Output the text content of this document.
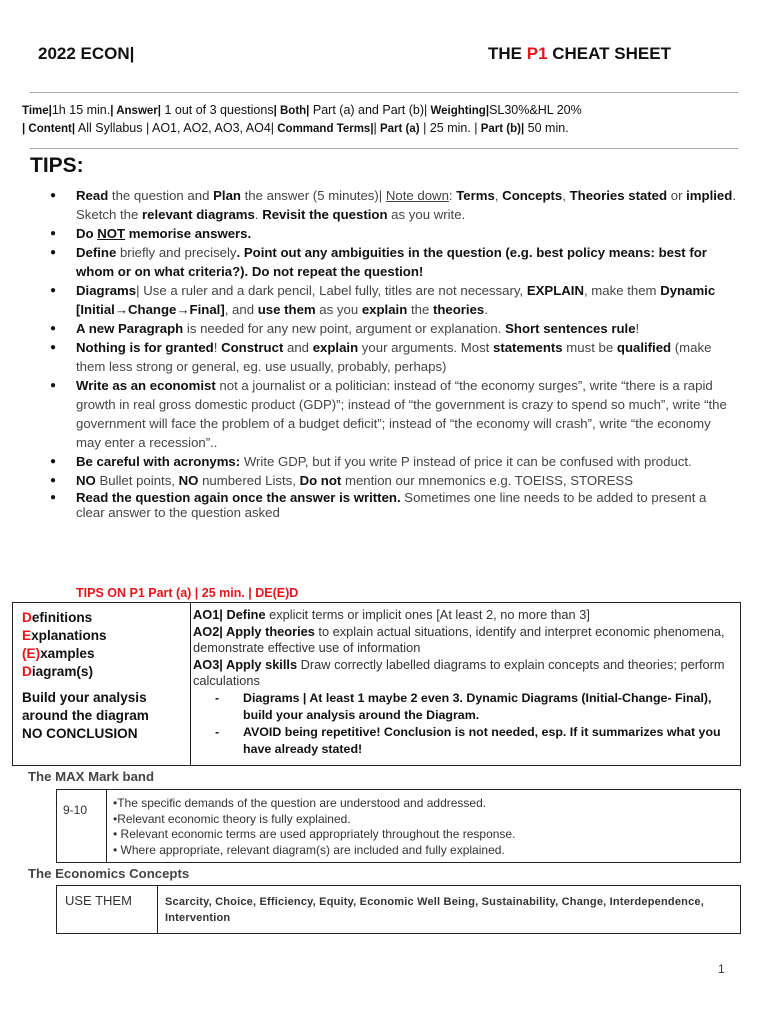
2022 ECON|	THE P1 CHEAT SHEET
Time|1h 15 min.| Answer| 1 out of 3 questions| Both| Part (a) and Part (b)| Weighting|SL30%&HL 20%
| Content| All Syllabus | AO1, AO2, AO3, AO4| Command Terms|| Part (a) | 25 min. | Part (b)| 50 min.
TIPS:
● Read the question and Plan the answer (5 minutes)| Note down: Terms, Concepts, Theories stated or implied. Sketch the relevant diagrams. Revisit the question as you write.
● Do NOT memorise answers.
● Define briefly and precisely. Point out any ambiguities in the question (e.g. best policy means: best for whom or on what criteria?). Do not repeat the question!
● Diagrams| Use a ruler and a dark pencil, Label fully, titles are not necessary, EXPLAIN, make them Dynamic [Initial→Change→Final], and use them as you explain the theories.
● A new Paragraph is needed for any new point, argument or explanation. Short sentences rule!
● Nothing is for granted! Construct and explain your arguments. Most statements must be qualified (make them less strong or general, eg. use usually, probably, perhaps)
● Write as an economist not a journalist or a politician: instead of “the economy surges”, write “there is a rapid growth in real gross domestic product (GDP)”; instead of “the government is crazy to spend so much”, write “the government will face the problem of a budget deficit”; instead of “the economy will crash”, write “the economy may enter a recession”..
● Be careful with acronyms: Write GDP, but if you write P instead of price it can be confused with product.
● NO Bullet points, NO numbered Lists, Do not mention our mnemonics e.g. TOEISS, STORESS
● Read the question again once the answer is written. Sometimes one line needs to be added to present a clear answer to the question asked
TIPS ON P1 Part (a) | 25 min. | DE(E)D
Definitions
Explanations
(E)xamples
Diagram(s)
Build your analysis around the diagram
NO CONCLUSION
AO1| Define explicit terms or implicit ones [At least 2, no more than 3]
AO2| Apply theories to explain actual situations, identify and interpret economic phenomena, demonstrate effective use of information
AO3| Apply skills Draw correctly labelled diagrams to explain concepts and theories; perform calculations
- Diagrams | At least 1 maybe 2 even 3. Dynamic Diagrams (Initial-Change- Final), build your analysis around the Diagram.
- AVOID being repetitive! Conclusion is not needed, esp. If it summarizes what you have already stated!
The MAX Mark band
9-10	•The specific demands of the question are understood and addressed.
•Relevant economic theory is fully explained.
• Relevant economic terms are used appropriately throughout the response.
• Where appropriate, relevant diagram(s) are included and fully explained.
The Economics Concepts
USE THEM	Scarcity, Choice, Efficiency, Equity, Economic Well Being, Sustainability, Change, Interdependence, Intervention
1
